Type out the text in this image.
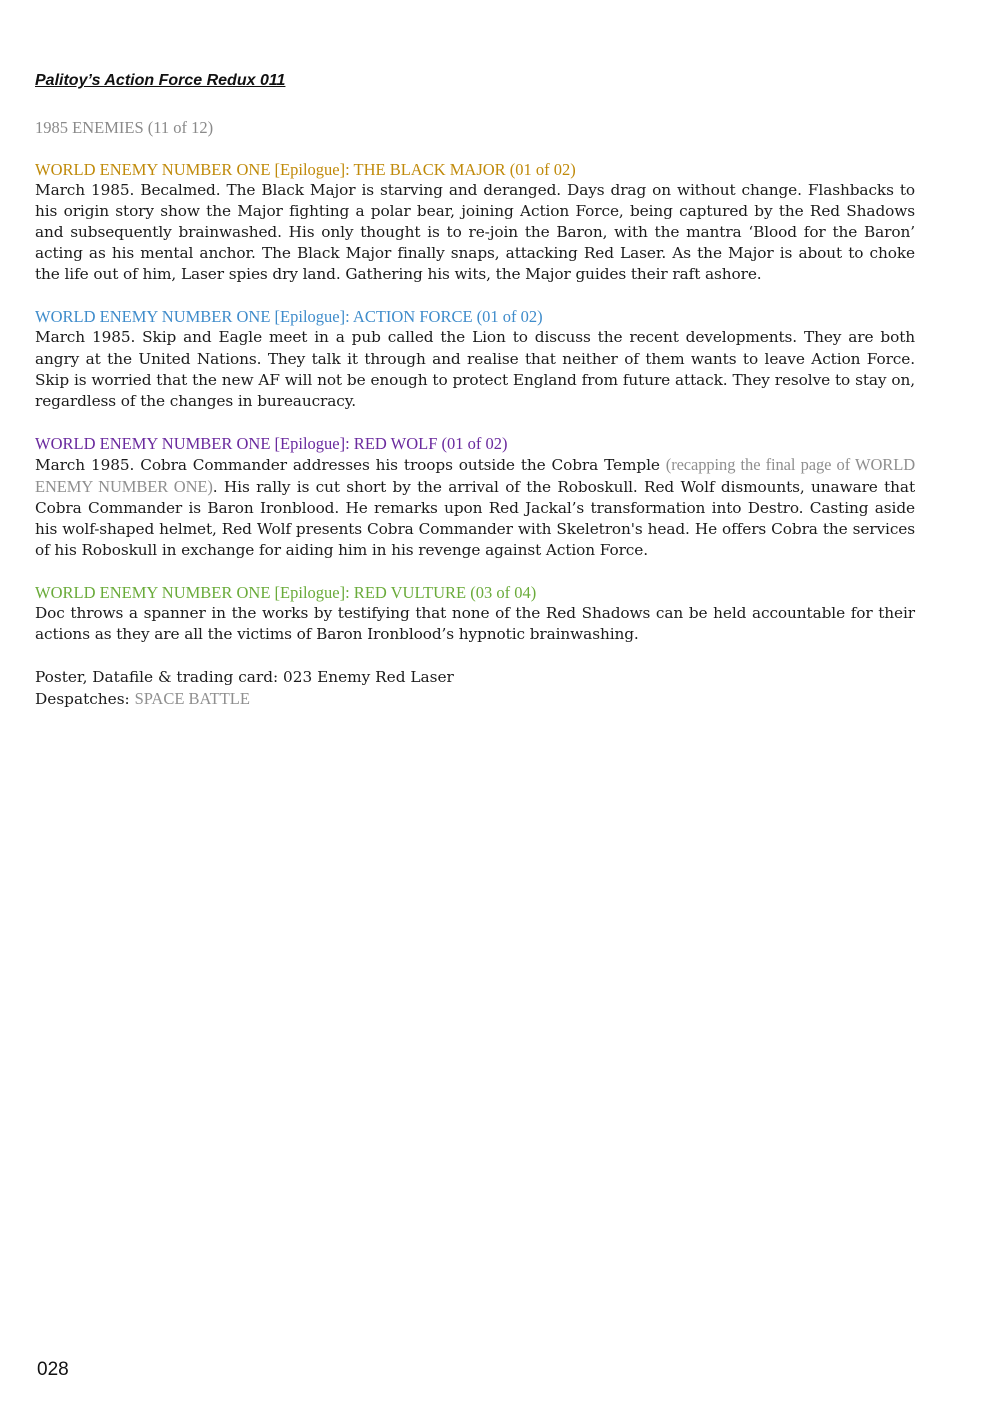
Palitoy’s Action Force Redux 011
1985 ENEMIES (11 of 12)
WORLD ENEMY NUMBER ONE [Epilogue]: THE BLACK MAJOR (01 of 02)

March 1985. Becalmed. The Black Major is starving and deranged. Days drag on without change. Flashbacks to his origin story show the Major fighting a polar bear, joining Action Force, being captured by the Red Shadows and subsequently brainwashed. His only thought is to re-join the Baron, with the mantra ‘Blood for the Baron’ acting as his mental anchor. The Black Major finally snaps, attacking Red Laser. As the Major is about to choke the life out of him, Laser spies dry land. Gathering his wits, the Major guides their raft ashore.

WORLD ENEMY NUMBER ONE [Epilogue]: ACTION FORCE (01 of 02)

March 1985. Skip and Eagle meet in a pub called the Lion to discuss the recent developments. They are both angry at the United Nations. They talk it through and realise that neither of them wants to leave Action Force. Skip is worried that the new AF will not be enough to protect England from future attack. They resolve to stay on, regardless of the changes in bureaucracy.

WORLD ENEMY NUMBER ONE [Epilogue]: RED WOLF (01 of 02)

March 1985. Cobra Commander addresses his troops outside the Cobra Temple (recapping the final page of WORLD ENEMY NUMBER ONE). His rally is cut short by the arrival of the Roboskull. Red Wolf dismounts, unaware that Cobra Commander is Baron Ironblood. He remarks upon Red Jackal’s transformation into Destro. Casting aside his wolf-shaped helmet, Red Wolf presents Cobra Commander with Skeletron's head. He offers Cobra the services of his Roboskull in exchange for aiding him in his revenge against Action Force.

WORLD ENEMY NUMBER ONE [Epilogue]: RED VULTURE (03 of 04)

Doc throws a spanner in the works by testifying that none of the Red Shadows can be held accountable for their actions as they are all the victims of Baron Ironblood’s hypnotic brainwashing.

Poster, Datafile & trading card: 023 Enemy Red Laser

Despatches: SPACE BATTLE

028
